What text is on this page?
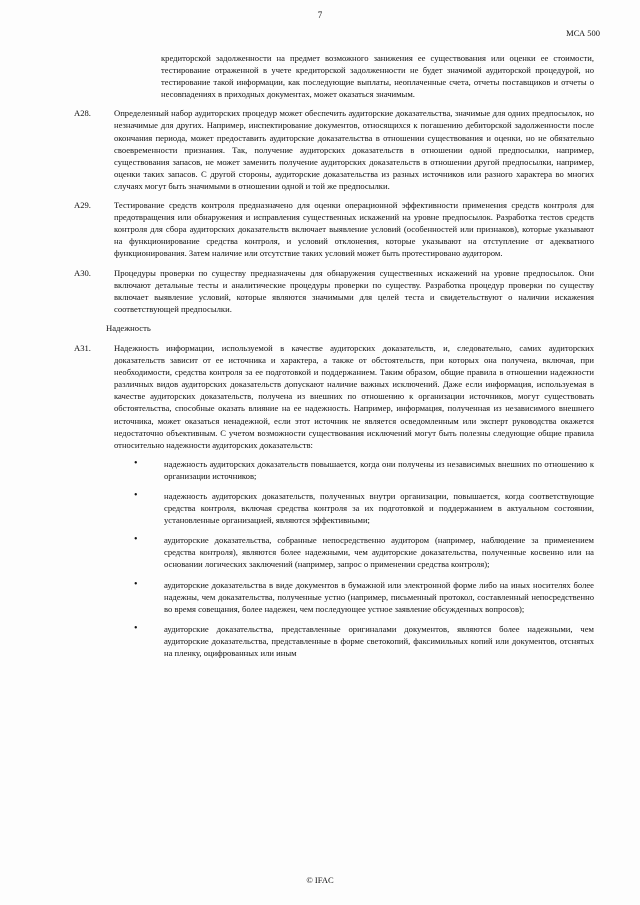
7
МСА 500
кредиторской задолженности на предмет возможного занижения ее существования или оценки ее стоимости, тестирование отраженной в учете кредиторской задолженности не будет значимой аудиторской процедурой, но тестирование такой информации, как последующие выплаты, неоплаченные счета, отчеты поставщиков и отчеты о несовпадениях в приходных документах, может оказаться значимым.
A28.	Определенный набор аудиторских процедур может обеспечить аудиторские доказательства, значимые для одних предпосылок, но незначимые для других. Например, инспектирование документов, относящихся к погашению дебиторской задолженности после окончания периода, может предоставить аудиторские доказательства в отношении существования и оценки, но не обязательно своевременности признания. Так, получение аудиторских доказательств в отношении одной предпосылки, например, существования запасов, не может заменить получение аудиторских доказательств в отношении другой предпосылки, например, оценки таких запасов. С другой стороны, аудиторские доказательства из разных источников или разного характера во многих случаях могут быть значимыми в отношении одной и той же предпосылки.
A29.	Тестирование средств контроля предназначено для оценки операционной эффективности применения средств контроля для предотвращения или обнаружения и исправления существенных искажений на уровне предпосылок. Разработка тестов средств контроля для сбора аудиторских доказательств включает выявление условий (особенностей или признаков), которые указывают на функционирование средства контроля, и условий отклонения, которые указывают на отступление от адекватного функционирования. Затем наличие или отсутствие таких условий может быть протестировано аудитором.
A30.	Процедуры проверки по существу предназначены для обнаружения существенных искажений на уровне предпосылок. Они включают детальные тесты и аналитические процедуры проверки по существу. Разработка процедур проверки по существу включает выявление условий, которые являются значимыми для целей теста и свидетельствуют о наличии искажения соответствующей предпосылки.
Надежность
A31.	Надежность информации, используемой в качестве аудиторских доказательств, и, следовательно, самих аудиторских доказательств зависит от ее источника и характера, а также от обстоятельств, при которых она получена, включая, при необходимости, средства контроля за ее подготовкой и поддержанием. Таким образом, общие правила в отношении надежности различных видов аудиторских доказательств допускают наличие важных исключений. Даже если информация, используемая в качестве аудиторских доказательств, получена из внешних по отношению к организации источников, могут существовать обстоятельства, способные оказать влияние на ее надежность. Например, информация, полученная из независимого внешнего источника, может оказаться ненадежной, если этот источник не является осведомленным или эксперт руководства окажется недостаточно объективным. С учетом возможности существования исключений могут быть полезны следующие общие правила относительно надежности аудиторских доказательств:
•	надежность аудиторских доказательств повышается, когда они получены из независимых внешних по отношению к организации источников;
•	надежность аудиторских доказательств, полученных внутри организации, повышается, когда соответствующие средства контроля, включая средства контроля за их подготовкой и поддержанием в актуальном состоянии, установленные организацией, являются эффективными;
•	аудиторские доказательства, собранные непосредственно аудитором (например, наблюдение за применением средства контроля), являются более надежными, чем аудиторские доказательства, полученные косвенно или на основании логических заключений (например, запрос о применении средства контроля);
•	аудиторские доказательства в виде документов в бумажной или электронной форме либо на иных носителях более надежны, чем доказательства, полученные устно (например, письменный протокол, составленный непосредственно во время совещания, более надежен, чем последующее устное заявление обсужденных вопросов);
•	аудиторские доказательства, представленные оригиналами документов, являются более надежными, чем аудиторские доказательства, представленные в форме светокопий, факсимильных копий или документов, отснятых на пленку, оцифрованных или иным
© IFAC
